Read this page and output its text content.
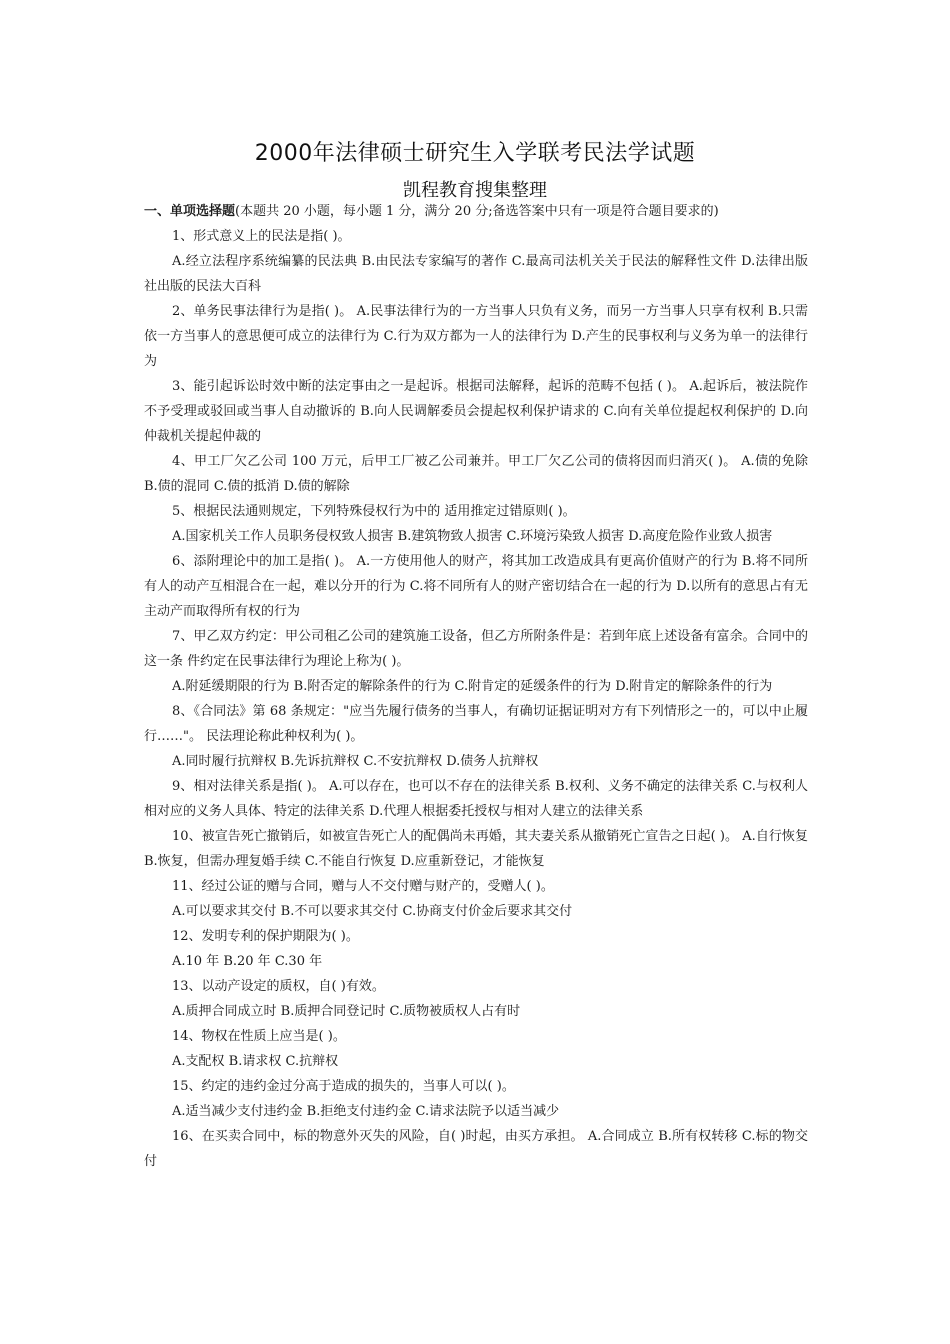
2000年法律硕士研究生入学联考民法学试题
凯程教育搜集整理

一、单项选择题(本题共 20 小题，每小题 1 分，满分 20 分;备选答案中只有一项是符合题目要求的)

1、形式意义上的民法是指( )。

A.经立法程序系统编纂的民法典 B.由民法专家编写的著作 C.最高司法机关关于民法的解释性文件 D.法律出版社出版的民法大百科

2、单务民事法律行为是指( )。 A.民事法律行为的一方当事人只负有义务，而另一方当事人只享有权利 B.只需依一方当事人的意思便可成立的法律行为 C.行为双方都为一人的法律行为 D.产生的民事权利与义务为单一的法律行为

3、能引起诉讼时效中断的法定事由之一是起诉。根据司法解释，起诉的范畴不包括 ( )。 A.起诉后，被法院作不予受理或驳回或当事人自动撤诉的 B.向人民调解委员会提起权利保护请求的 C.向有关单位提起权利保护的 D.向仲裁机关提起仲裁的

4、甲工厂欠乙公司 100 万元，后甲工厂被乙公司兼并。甲工厂欠乙公司的债将因而归消灭( )。 A.债的免除 B.债的混同 C.债的抵消 D.债的解除

5、根据民法通则规定，下列特殊侵权行为中的 适用推定过错原则( )。

A.国家机关工作人员职务侵权致人损害 B.建筑物致人损害 C.环境污染致人损害 D.高度危险作业致人损害

6、添附理论中的加工是指( )。 A.一方使用他人的财产，将其加工改造成具有更高价值财产的行为 B.将不同所有人的动产互相混合在一起，难以分开的行为 C.将不同所有人的财产密切结合在一起的行为 D.以所有的意思占有无主动产而取得所有权的行为

7、甲乙双方约定：甲公司租乙公司的建筑施工设备，但乙方所附条件是：若到年底上述设备有富余。合同中的这一条 件约定在民事法律行为理论上称为( )。

A.附延缓期限的行为 B.附否定的解除条件的行为 C.附肯定的延缓条件的行为 D.附肯定的解除条件的行为

8、《合同法》第 68 条规定："应当先履行债务的当事人，有确切证据证明对方有下列情形之一的，可以中止履行……"。 民法理论称此种权利为( )。

A.同时履行抗辩权 B.先诉抗辩权 C.不安抗辩权 D.债务人抗辩权

9、相对法律关系是指( )。 A.可以存在，也可以不存在的法律关系 B.权利、义务不确定的法律关系 C.与权利人相对应的义务人具体、特定的法律关系 D.代理人根据委托授权与相对人建立的法律关系

10、被宣告死亡撤销后，如被宣告死亡人的配偶尚未再婚，其夫妻关系从撤销死亡宣告之日起( )。 A.自行恢复 B.恢复，但需办理复婚手续 C.不能自行恢复 D.应重新登记，才能恢复

11、经过公证的赠与合同，赠与人不交付赠与财产的，受赠人( )。

A.可以要求其交付 B.不可以要求其交付 C.协商支付价金后要求其交付

12、发明专利的保护期限为( )。

A.10 年 B.20 年 C.30 年

13、以动产设定的质权，自( )有效。

A.质押合同成立时 B.质押合同登记时 C.质物被质权人占有时

14、物权在性质上应当是( )。

A.支配权 B.请求权 C.抗辩权

15、约定的违约金过分高于造成的损失的，当事人可以( )。

A.适当减少支付违约金 B.拒绝支付违约金 C.请求法院予以适当减少

16、在买卖合同中，标的物意外灭失的风险，自( )时起，由买方承担。 A.合同成立 B.所有权转移 C.标的物交付
